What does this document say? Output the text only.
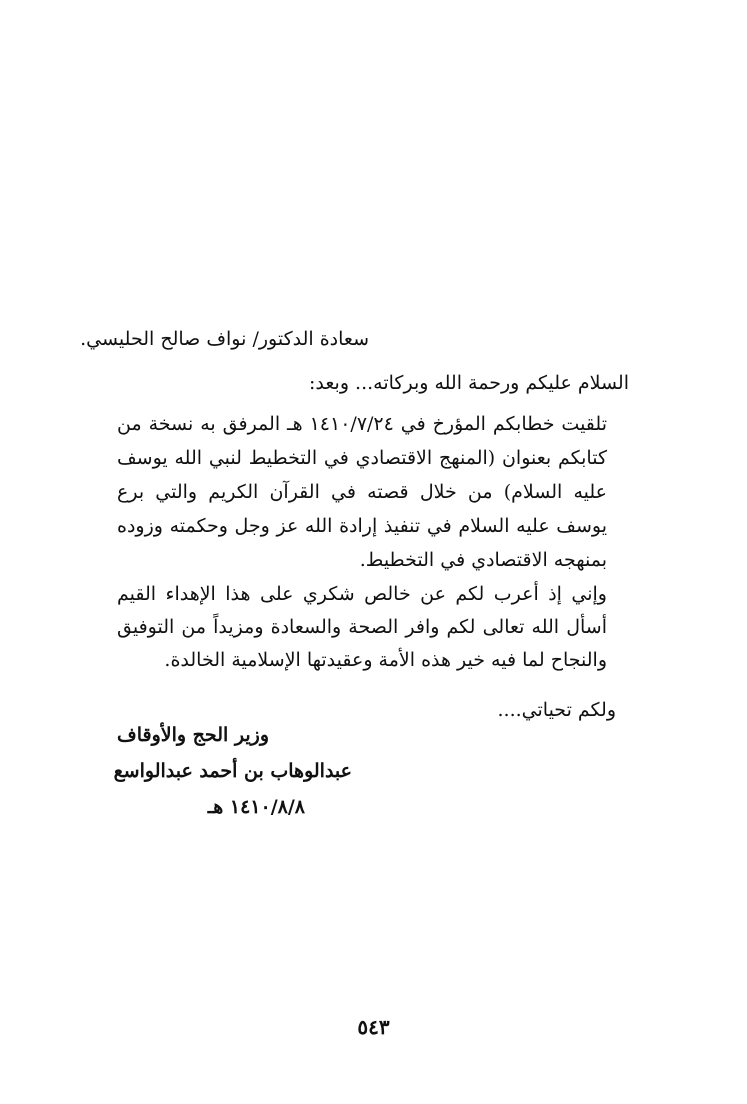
سعادة الدكتور/ نواف صالح الحليسي.
السلام عليكم ورحمة الله وبركاته... وبعد:

تلقيت خطابكم المؤرخ في ١٤١٠/٧/٢٤ هـ المرفق به نسخة من كتابكم بعنوان (المنهج الاقتصادي في التخطيط لنبي الله يوسف عليه السلام) من خلال قصته في القرآن الكريم والتي برع يوسف عليه السلام في تنفيذ إرادة الله عز وجل وحكمته وزوده بمنهجه الاقتصادي في التخطيط.

وإني إذ أعرب لكم عن خالص شكري على هذا الإهداء القيم أسأل الله تعالى لكم وافر الصحة والسعادة ومزيداً من التوفيق والنجاح لما فيه خير هذه الأمة وعقيدتها الإسلامية الخالدة.

ولكم تحياتي....
وزير الحج والأوقاف
عبدالوهاب بن أحمد عبدالواسع
١٤١٠/٨/٨ هـ
٥٤٣
